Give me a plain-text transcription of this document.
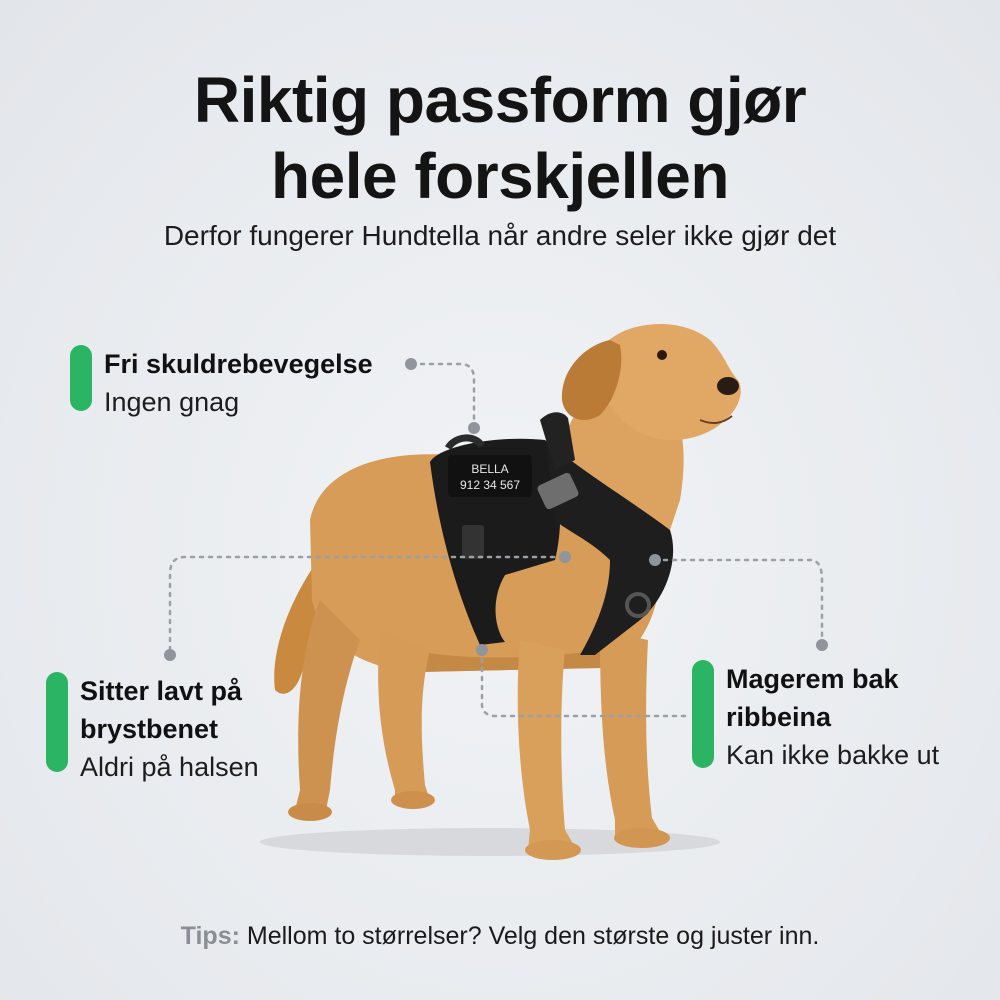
Riktig passform gjør
hele forskjellen
Derfor fungerer Hundtella når andre seler ikke gjør det
BELLA
912 34 567
Fri skuldrebevegelse
Ingen gnag
Sitter lavt på
brystbenet
Aldri på halsen
Magerem bak
ribbeina
Kan ikke bakke ut
Tips: Mellom to størrelser? Velg den største og juster inn.
